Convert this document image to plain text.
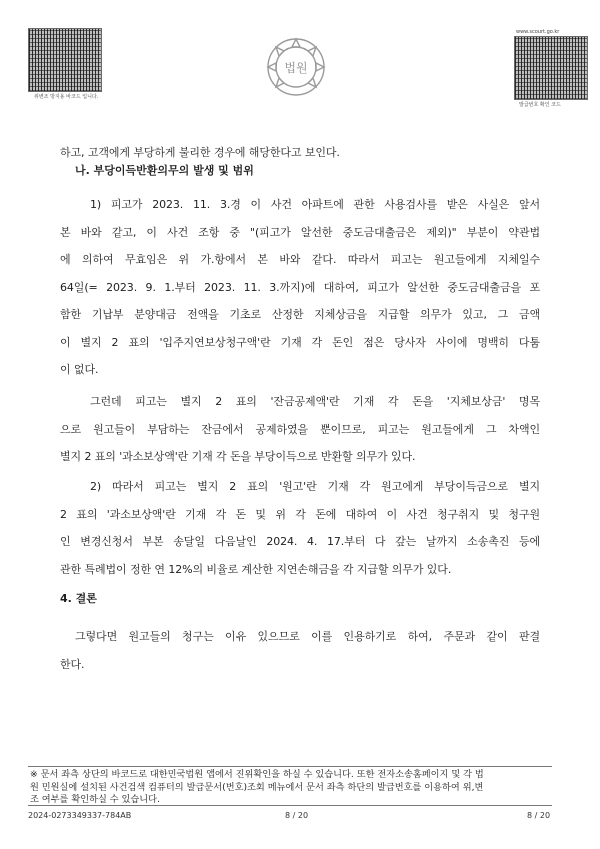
위변조 방지용 바코드 입니다.
법원
www.scourt.go.kr
발급번호 확인 코드
하고, 고객에게 부당하게 불리한 경우에 해당한다고 보인다.
나. 부당이득반환의무의 발생 및 범위
1) 피고가 2023. 11. 3.경 이 사건 아파트에 관한 사용검사를 받은 사실은 앞서
본 바와 같고, 이 사건 조항 중 "(피고가 알선한 중도금대출금은 제외)" 부분이 약관법
에 의하여 무효임은 위 가.항에서 본 바와 같다. 따라서 피고는 원고들에게 지체일수
64일(= 2023. 9. 1.부터 2023. 11. 3.까지)에 대하여, 피고가 알선한 중도금대출금을 포
함한 기납부 분양대금 전액을 기초로 산정한 지체상금을 지급할 의무가 있고, 그 금액
이 별지 2 표의 '입주지연보상청구액'란 기재 각 돈인 점은 당사자 사이에 명백히 다툼
이 없다.
그런데 피고는 별지 2 표의 '잔금공제액'란 기재 각 돈을 '지체보상금' 명목
으로 원고들이 부담하는 잔금에서 공제하였을 뿐이므로, 피고는 원고들에게 그 차액인
별지 2 표의 '과소보상액'란 기재 각 돈을 부당이득으로 반환할 의무가 있다.
2) 따라서 피고는 별지 2 표의 '원고'란 기재 각 원고에게 부당이득금으로 별지
2 표의 '과소보상액'란 기재 각 돈 및 위 각 돈에 대하여 이 사건 청구취지 및 청구원
인 변경신청서 부본 송달일 다음날인 2024. 4. 17.부터 다 갚는 날까지 소송촉진 등에
관한 특례법이 정한 연 12%의 비율로 계산한 지연손해금을 각 지급할 의무가 있다.
4. 결론
그렇다면 원고들의 청구는 이유 있으므로 이를 인용하기로 하여, 주문과 같이 판결
한다.
※ 문서 좌측 상단의 바코드로 대한민국법원 앱에서 진위확인을 하실 수 있습니다. 또한 전자소송홈페이지 및 각 법
원 민원실에 설치된 사건검색 컴퓨터의 발급문서(번호)조회 메뉴에서 문서 좌측 하단의 발급번호를 이용하여 위,변
조 여부를 확인하실 수 있습니다.
2024-0273349337-784AB	8 / 20	8 / 20
